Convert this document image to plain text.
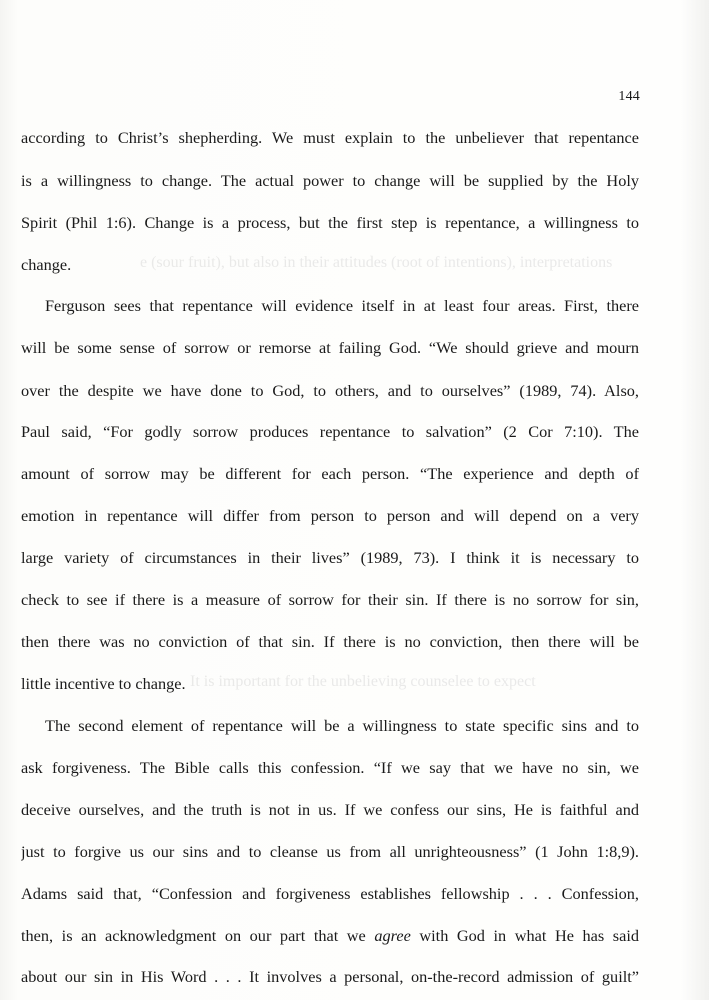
e (sour fruit), but also in their attitudes (root of intentions), interpretations
It is important for the unbelieving counselee to expect
144
according to Christ’s shepherding. We must explain to the unbeliever that repentance
is a willingness to change. The actual power to change will be supplied by the Holy
Spirit (Phil 1:6). Change is a process, but the first step is repentance, a willingness to
change.
Ferguson sees that repentance will evidence itself in at least four areas. First, there
will be some sense of sorrow or remorse at failing God. “We should grieve and mourn
over the despite we have done to God, to others, and to ourselves” (1989, 74). Also,
Paul said, “For godly sorrow produces repentance to salvation” (2 Cor 7:10). The
amount of sorrow may be different for each person. “The experience and depth of
emotion in repentance will differ from person to person and will depend on a very
large variety of circumstances in their lives” (1989, 73). I think it is necessary to
check to see if there is a measure of sorrow for their sin. If there is no sorrow for sin,
then there was no conviction of that sin. If there is no conviction, then there will be
little incentive to change.
The second element of repentance will be a willingness to state specific sins and to
ask forgiveness. The Bible calls this confession. “If we say that we have no sin, we
deceive ourselves, and the truth is not in us. If we confess our sins, He is faithful and
just to forgive us our sins and to cleanse us from all unrighteousness” (1 John 1:8,9).
Adams said that, “Confession and forgiveness establishes fellowship . . . Confession,
then, is an acknowledgment on our part that we agree with God in what He has said
about our sin in His Word . . . It involves a personal, on-the-record admission of guilt”
